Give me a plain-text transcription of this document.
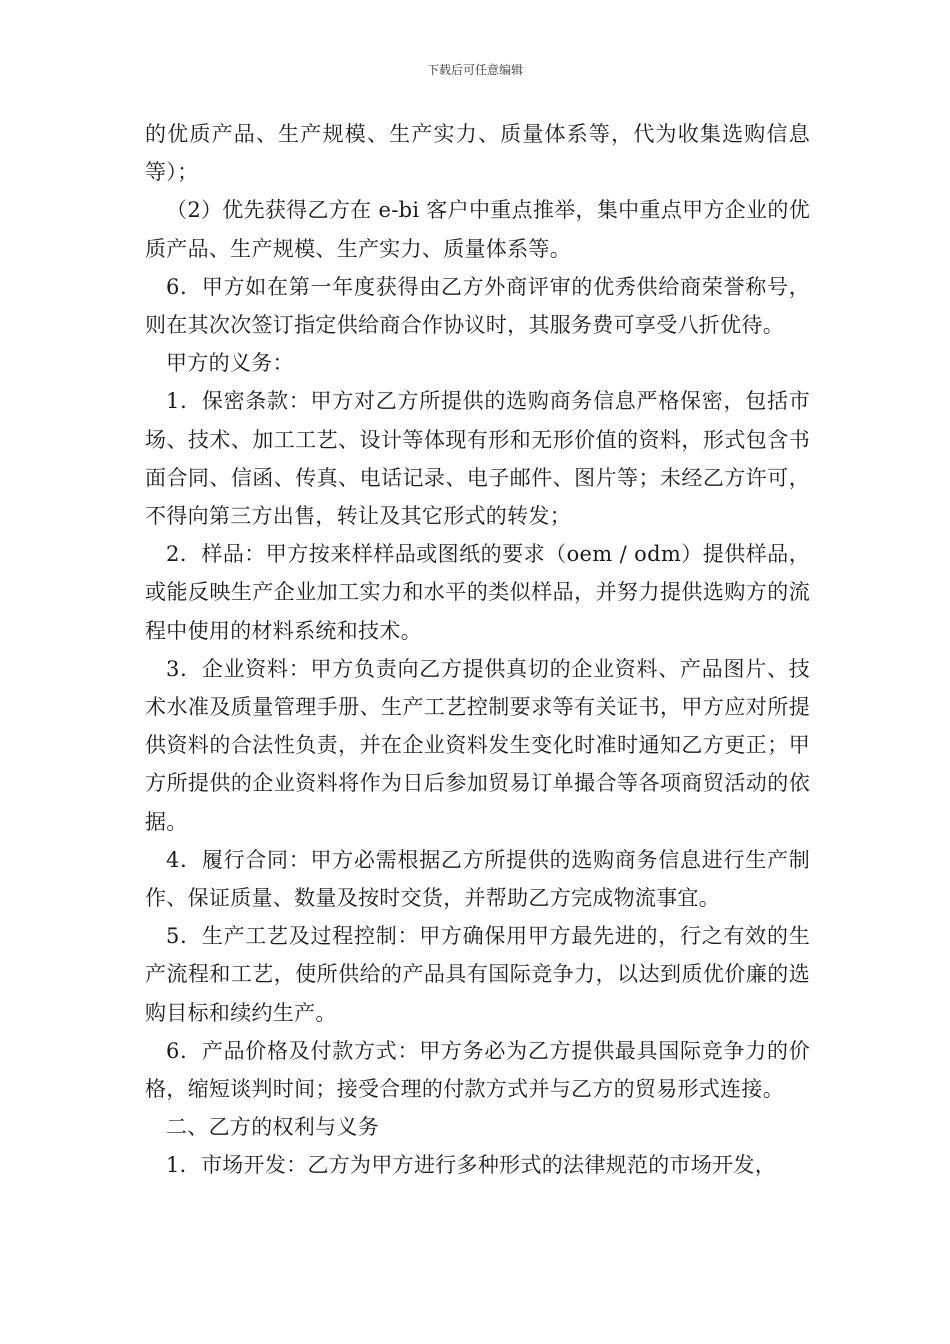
下载后可任意编辑

的优质产品、生产规模、生产实力、质量体系等，代为收集选购信息等）；

（2）优先获得乙方在 e-bi 客户中重点推举，集中重点甲方企业的优质产品、生产规模、生产实力、质量体系等。

6．甲方如在第一年度获得由乙方外商评审的优秀供给商荣誉称号，则在其次次签订指定供给商合作协议时，其服务费可享受八折优待。

甲方的义务：

1．保密条款：甲方对乙方所提供的选购商务信息严格保密，包括市场、技术、加工工艺、设计等体现有形和无形价值的资料，形式包含书面合同、信函、传真、电话记录、电子邮件、图片等；未经乙方许可，不得向第三方出售，转让及其它形式的转发；

2．样品：甲方按来样样品或图纸的要求（oem / odm）提供样品，或能反映生产企业加工实力和水平的类似样品，并努力提供选购方的流程中使用的材料系统和技术。

3．企业资料：甲方负责向乙方提供真切的企业资料、产品图片、技术水准及质量管理手册、生产工艺控制要求等有关证书，甲方应对所提供资料的合法性负责，并在企业资料发生变化时准时通知乙方更正；甲方所提供的企业资料将作为日后参加贸易订单撮合等各项商贸活动的依据。

4．履行合同：甲方必需根据乙方所提供的选购商务信息进行生产制作、保证质量、数量及按时交货，并帮助乙方完成物流事宜。

5．生产工艺及过程控制：甲方确保用甲方最先进的，行之有效的生产流程和工艺，使所供给的产品具有国际竞争力，以达到质优价廉的选购目标和续约生产。

6．产品价格及付款方式：甲方务必为乙方提供最具国际竞争力的价格，缩短谈判时间；接受合理的付款方式并与乙方的贸易形式连接。

二、乙方的权利与义务

1．市场开发：乙方为甲方进行多种形式的法律规范的市场开发，
